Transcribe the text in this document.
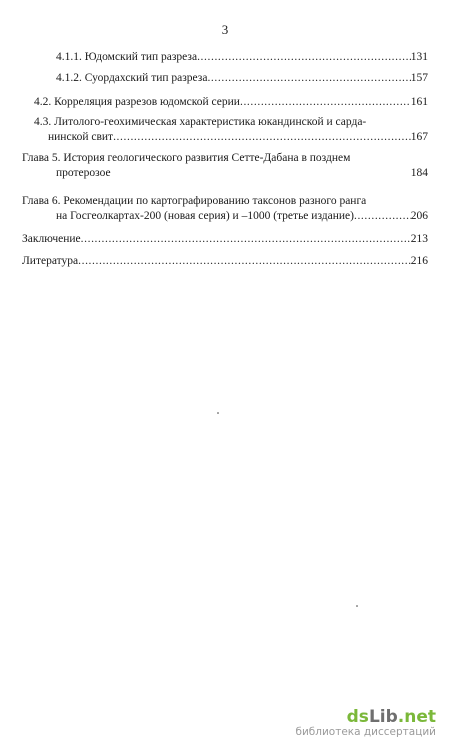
3
4.1.1. Юдомский тип разреза .....	131
4.1.2. Суордахский тип разреза .....	157
4.2. Корреляция разрезов юдомской серии .....	161
4.3. Литолого-геохимическая характеристика юкандинской и сарда-
нинской свит .....	167
Глава 5. История геологического развития Сетте-Дабана в позднем
протерозое	184
Глава 6. Рекомендации по картографированию таксонов разного ранга
на Госгеолкартах-200 (новая серия) и –1000 (третье издание) .....	206
Заключение .....	213
Литература .....	216
dsLib.net
библиотека диссертаций
